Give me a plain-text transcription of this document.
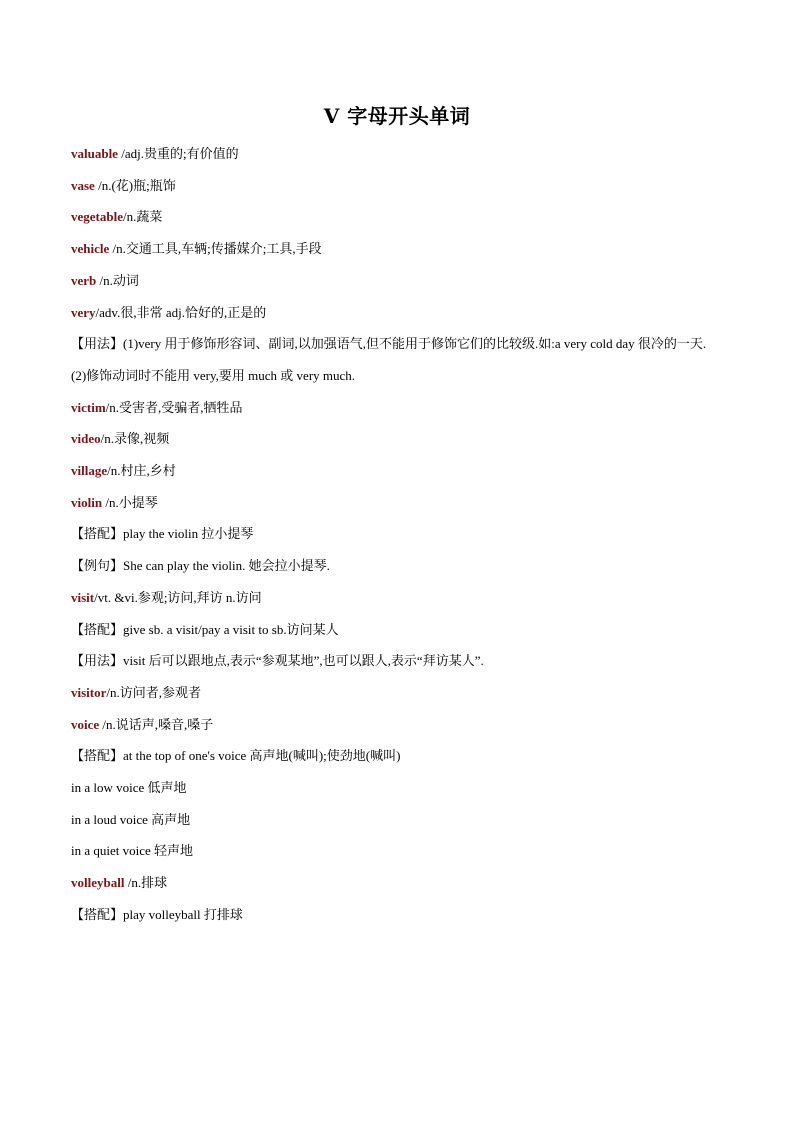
V 字母开头单词
valuable /adj.贵重的;有价值的
vase /n.(花)瓶;瓶饰
vegetable/n.蔬菜
vehicle /n.交通工具,车辆;传播媒介;工具,手段
verb /n.动词
very/adv.很,非常 adj.恰好的,正是的
【用法】(1)very 用于修饰形容词、副词,以加强语气,但不能用于修饰它们的比较级.如:a very cold day 很冷的一天.
(2)修饰动词时不能用 very,要用 much 或 very much.
victim/n.受害者,受骗者,牺牲品
video/n.录像,视频
village/n.村庄,乡村
violin /n.小提琴
【搭配】play the violin 拉小提琴
【例句】She can play the violin. 她会拉小提琴.
visit/vt. &vi.参观;访问,拜访 n.访问
【搭配】give sb. a visit/pay a visit to sb.访问某人
【用法】visit 后可以跟地点,表示“参观某地”,也可以跟人,表示“拜访某人”.
visitor/n.访问者,参观者
voice /n.说话声,嗓音,嗓子
【搭配】at the top of one's voice 高声地(喊叫);使劲地(喊叫)
in a low voice 低声地
in a loud voice 高声地
in a quiet voice 轻声地
volleyball /n.排球
【搭配】play volleyball 打排球
